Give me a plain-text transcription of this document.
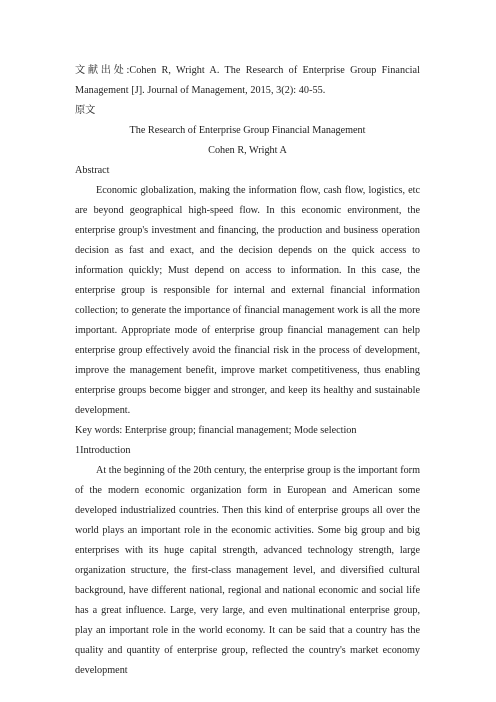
文献出处:Cohen R, Wright A. The Research of Enterprise Group Financial Management [J]. Journal of Management, 2015, 3(2): 40-55.

原文

The Research of Enterprise Group Financial Management

Cohen R, Wright A

Abstract

Economic globalization, making the information flow, cash flow, logistics, etc are beyond geographical high-speed flow. In this economic environment, the enterprise group's investment and financing, the production and business operation decision as fast and exact, and the decision depends on the quick access to information quickly; Must depend on access to information. In this case, the enterprise group is responsible for internal and external financial information collection; to generate the importance of financial management work is all the more important. Appropriate mode of enterprise group financial management can help enterprise group effectively avoid the financial risk in the process of development, improve the management benefit, improve market competitiveness, thus enabling enterprise groups become bigger and stronger, and keep its healthy and sustainable development.

Key words: Enterprise group; financial management; Mode selection

1Introduction

At the beginning of the 20th century, the enterprise group is the important form of the modern economic organization form in European and American some developed industrialized countries. Then this kind of enterprise groups all over the world plays an important role in the economic activities. Some big group and big enterprises with its huge capital strength, advanced technology strength, large organization structure, the first-class management level, and diversified cultural background, have different national, regional and national economic and social life has a great influence. Large, very large, and even multinational enterprise group, play an important role in the world economy. It can be said that a country has the quality and quantity of enterprise group, reflected the country's market economy development
